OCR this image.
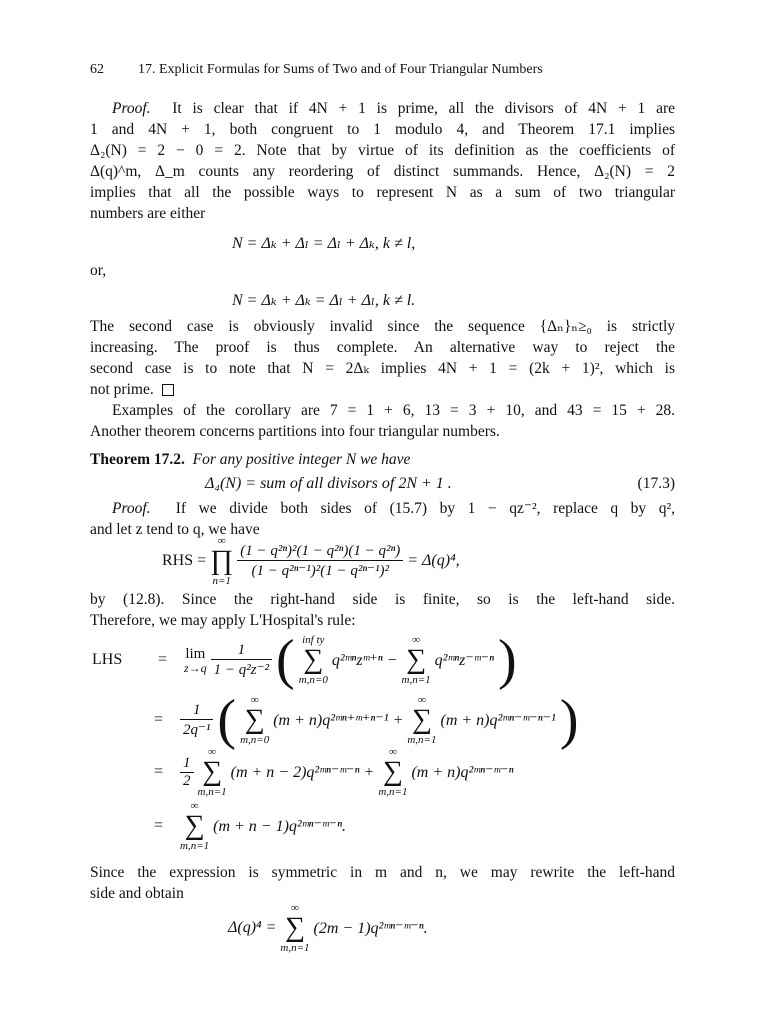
62	17. Explicit Formulas for Sums of Two and of Four Triangular Numbers
Proof. It is clear that if 4N + 1 is prime, all the divisors of 4N + 1 are
1 and 4N + 1, both congruent to 1 modulo 4, and Theorem 17.1 implies
Δ₂(N) = 2 − 0 = 2. Note that by virtue of its definition as the coefficients of
Δ(q)^m, Δ_m counts any reordering of distinct summands. Hence, Δ₂(N) = 2
implies that all the possible ways to represent N as a sum of two triangular
numbers are either
N = Δₖ + Δₗ = Δₗ + Δₖ, k ≠ l,
or,
N = Δₖ + Δₖ = Δₗ + Δₗ, k ≠ l.
The second case is obviously invalid since the sequence {Δₙ}ₙ≥₀ is strictly
increasing. The proof is thus complete. An alternative way to reject the
second case is to note that N = 2Δₖ implies 4N + 1 = (2k + 1)², which is
not prime.
Examples of the corollary are 7 = 1 + 6, 13 = 3 + 10, and 43 = 15 + 28.
Another theorem concerns partitions into four triangular numbers.
Theorem 17.2. For any positive integer N we have
Δ₄(N) = sum of all divisors of 2N + 1 .	(17.3)
Proof. If we divide both sides of (15.7) by 1 − qz⁻², replace q by q²,
and let z tend to q, we have
RHS = ∞
∏
n=1
$\frac{\text{(1 − q²ⁿ)²(1 − q²ⁿ)(1 − q²ⁿ)}}{\text{(1 − q²ⁿ⁻¹)²(1 − q²ⁿ⁻¹)²}} = \Delta(q)^4$,
by (12.8). Since the right-hand side is finite, so is the left-hand side.
Therefore, we may apply L'Hospital's rule:
LHS = lim
z→q
$\frac{1}{\text{1 − q²z⁻²}}$ ( inf ty
∑
m,n=0 q²ᵐⁿzᵐ⁺ⁿ − ∞
∑
m,n=1 q²ᵐⁿz⁻ᵐ⁻ⁿ )
= $\frac{1}{\text{2q⁻¹}}$ ( ∞
∑
m,n=0 (m + n)q²ᵐⁿ⁺ᵐ⁺ⁿ⁻¹ + ∞
∑
m,n=1 (m + n)q²ᵐⁿ⁻ᵐ⁻ⁿ⁻¹ )
= $\frac{1}{2}$
∞
∑
m,n=1 (m + n − 2)q²ᵐⁿ⁻ᵐ⁻ⁿ + ∞
∑
m,n=1 (m + n)q²ᵐⁿ⁻ᵐ⁻ⁿ
= ∞
∑
m,n=1 (m + n − 1)q²ᵐⁿ⁻ᵐ⁻ⁿ.
Since the expression is symmetric in m and n, we may rewrite the left-hand
side and obtain
Δ(q)⁴ = ∞
∑
m,n=1 (2m − 1)q²ᵐⁿ⁻ᵐ⁻ⁿ.
